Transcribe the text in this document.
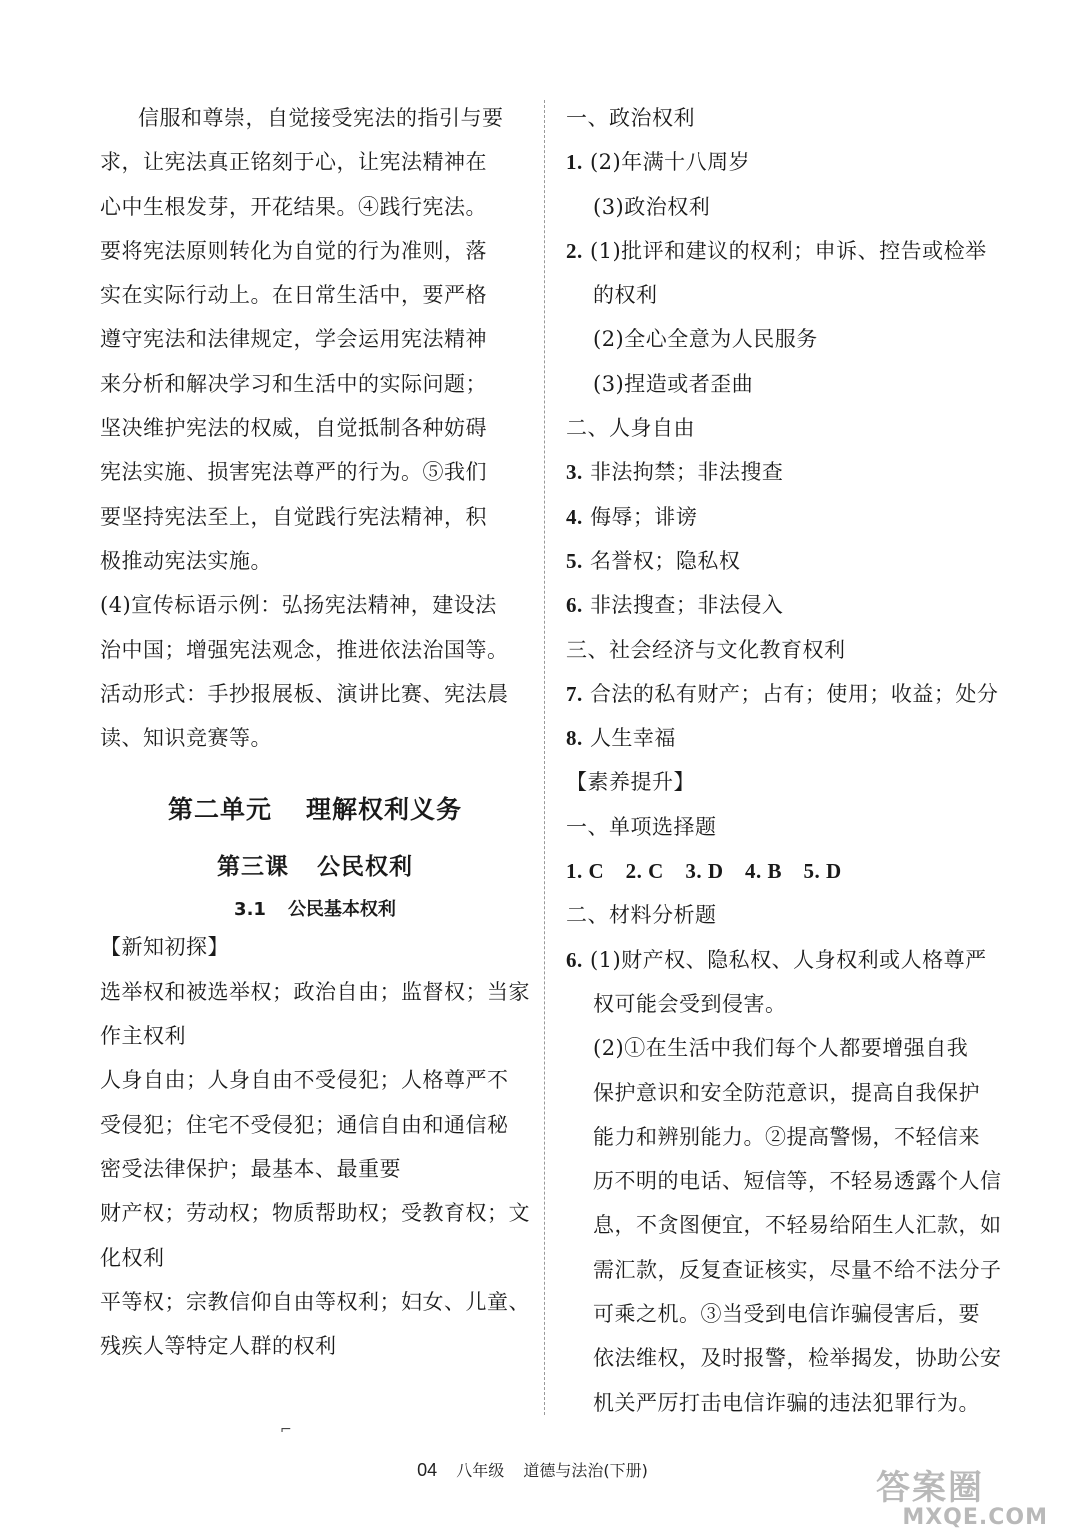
信服和尊崇，自觉接受宪法的指引与要
求，让宪法真正铭刻于心，让宪法精神在
心中生根发芽，开花结果。④践行宪法。
要将宪法原则转化为自觉的行为准则，落
实在实际行动上。在日常生活中，要严格
遵守宪法和法律规定，学会运用宪法精神
来分析和解决学习和生活中的实际问题；
坚决维护宪法的权威，自觉抵制各种妨碍
宪法实施、损害宪法尊严的行为。⑤我们
要坚持宪法至上，自觉践行宪法精神，积
极推动宪法实施。
(4)宣传标语示例：弘扬宪法精神，建设法
治中国；增强宪法观念，推进依法治国等。
活动形式：手抄报展板、演讲比赛、宪法晨
读、知识竞赛等。
第二单元 理解权利义务
第三课 公民权利
3.1 公民基本权利
【新知初探】
选举权和被选举权；政治自由；监督权；当家
作主权利
人身自由；人身自由不受侵犯；人格尊严不
受侵犯；住宅不受侵犯；通信自由和通信秘
密受法律保护；最基本、最重要
财产权；劳动权；物质帮助权；受教育权；文
化权利
平等权；宗教信仰自由等权利；妇女、儿童、
残疾人等特定人群的权利
一、政治权利
1. (2)年满十八周岁
(3)政治权利
2. (1)批评和建议的权利；申诉、控告或检举
的权利
(2)全心全意为人民服务
(3)捏造或者歪曲
二、人身自由
3. 非法拘禁；非法搜查
4. 侮辱；诽谤
5. 名誉权；隐私权
6. 非法搜查；非法侵入
三、社会经济与文化教育权利
7. 合法的私有财产；占有；使用；收益；处分
8. 人生幸福
【素养提升】
一、单项选择题
1. C　2. C　3. D　4. B　5. D
二、材料分析题
6. (1)财产权、隐私权、人身权利或人格尊严
权可能会受到侵害。
(2)①在生活中我们每个人都要增强自我
保护意识和安全防范意识，提高自我保护
能力和辨别能力。②提高警惕，不轻信来
历不明的电话、短信等，不轻易透露个人信
息，不贪图便宜，不轻易给陌生人汇款，如
需汇款，反复查证核实，尽量不给不法分子
可乘之机。③当受到电信诈骗侵害后，要
依法维权，及时报警，检举揭发，协助公安
机关严厉打击电信诈骗的违法犯罪行为。
⌐
04 八年级 道德与法治(下册)	答案圈
MXQE.COM
